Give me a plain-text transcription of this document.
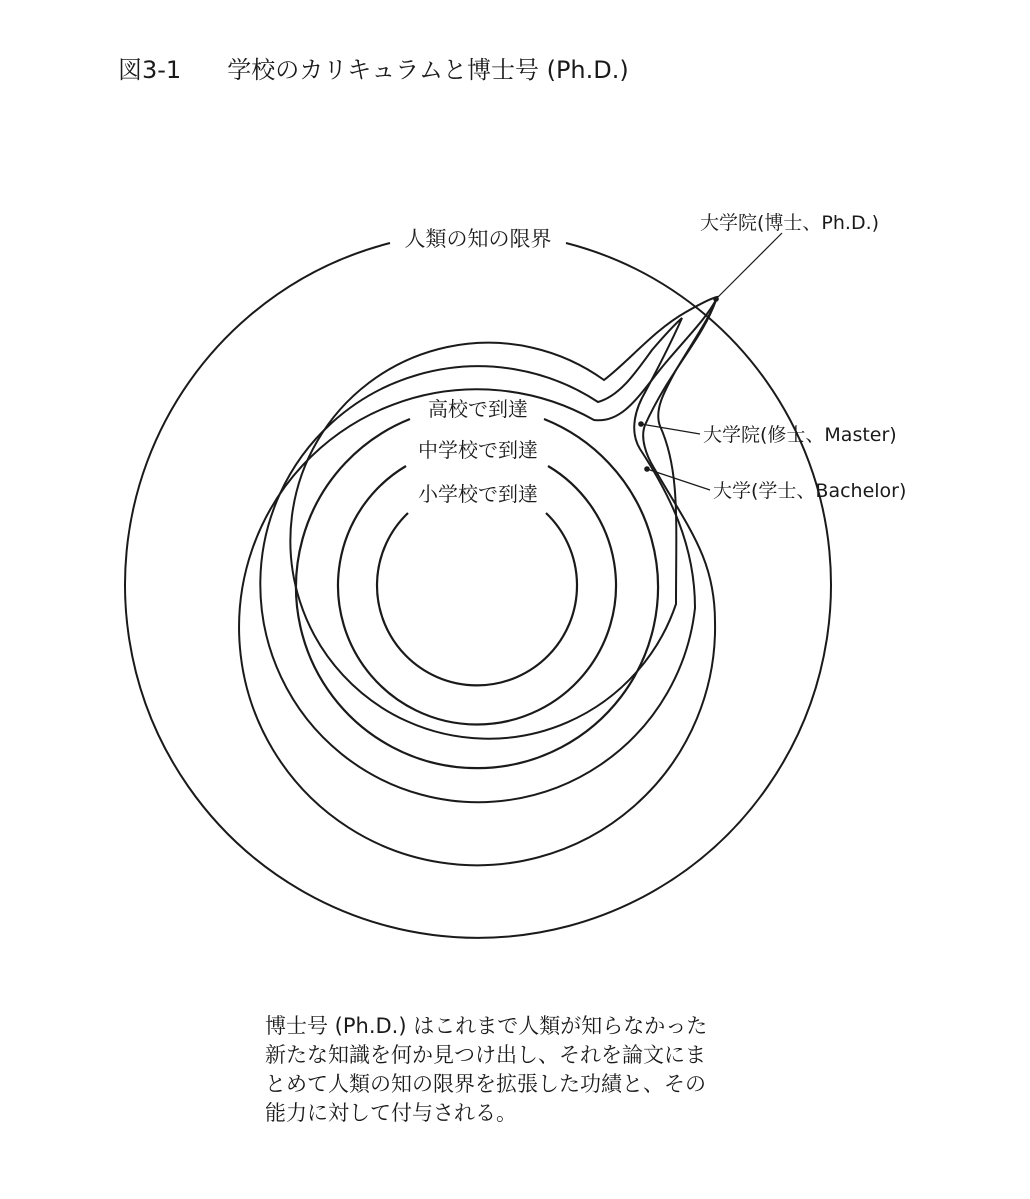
図3-1 学校のカリキュラムと博士号 (Ph.D.)
人類の知の限界
高校で到達
中学校で到達
小学校で到達
大学院(博士、Ph.D.)
大学院(修士、Master)
大学(学士、Bachelor)

博士号 (Ph.D.) はこれまで人類が知らなかった

新たな知識を何か見つけ出し、それを論文にま

とめて人類の知の限界を拡張した功績と、その

能力に対して付与される。
